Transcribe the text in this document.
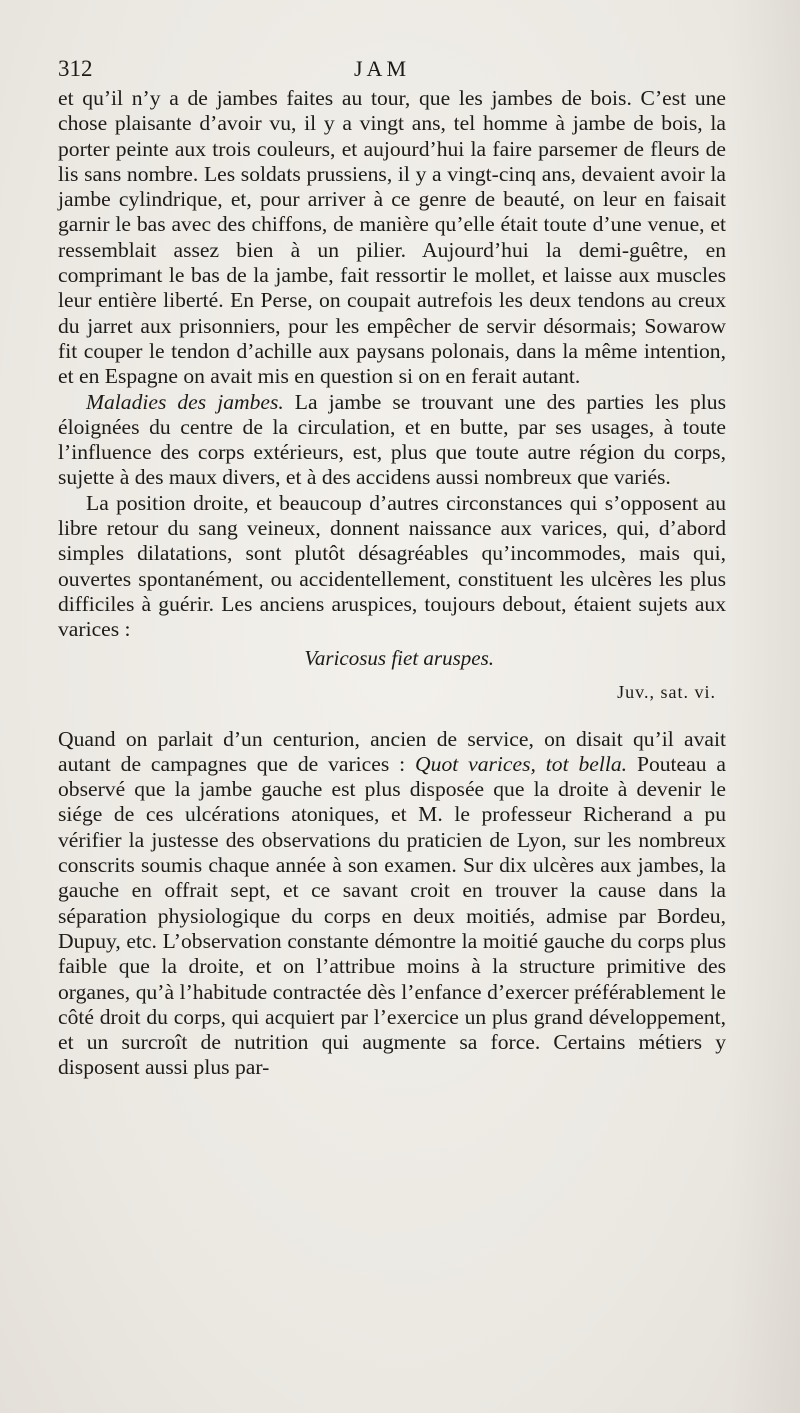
312	JAM

et qu’il n’y a de jambes faites au tour, que les jambes de bois. C’est une chose plaisante d’avoir vu, il y a vingt ans, tel homme à jambe de bois, la porter peinte aux trois couleurs, et aujourd’hui la faire parsemer de fleurs de lis sans nombre. Les soldats prussiens, il y a vingt-cinq ans, devaient avoir la jambe cylindrique, et, pour arriver à ce genre de beauté, on leur en faisait garnir le bas avec des chiffons, de manière qu’elle était toute d’une venue, et ressemblait assez bien à un pilier. Aujourd’hui la demi-guêtre, en comprimant le bas de la jambe, fait ressortir le mollet, et laisse aux muscles leur entière liberté. En Perse, on coupait autrefois les deux tendons au creux du jarret aux prisonniers, pour les empêcher de servir désormais; Sowarow fit couper le tendon d’achille aux paysans polonais, dans la même intention, et en Espagne on avait mis en question si on en ferait autant.

Maladies des jambes. La jambe se trouvant une des parties les plus éloignées du centre de la circulation, et en butte, par ses usages, à toute l’influence des corps extérieurs, est, plus que toute autre région du corps, sujette à des maux divers, et à des accidens aussi nombreux que variés.

La position droite, et beaucoup d’autres circonstances qui s’opposent au libre retour du sang veineux, donnent naissance aux varices, qui, d’abord simples dilatations, sont plutôt désagréables qu’incommodes, mais qui, ouvertes spontanément, ou accidentellement, constituent les ulcères les plus difficiles à guérir. Les anciens aruspices, toujours debout, étaient sujets aux varices :

Varicosus fiet aruspes.

Juv., sat. vi.

Quand on parlait d’un centurion, ancien de service, on disait qu’il avait autant de campagnes que de varices : Quot varices, tot bella. Pouteau a observé que la jambe gauche est plus disposée que la droite à devenir le siége de ces ulcérations atoniques, et M. le professeur Richerand a pu vérifier la justesse des observations du praticien de Lyon, sur les nombreux conscrits soumis chaque année à son examen. Sur dix ulcères aux jambes, la gauche en offrait sept, et ce savant croit en trouver la cause dans la séparation physiologique du corps en deux moitiés, admise par Bordeu, Dupuy, etc. L’observation constante démontre la moitié gauche du corps plus faible que la droite, et on l’attribue moins à la structure primitive des organes, qu’à l’habitude contractée dès l’enfance d’exercer préférablement le côté droit du corps, qui acquiert par l’exercice un plus grand développement, et un surcroît de nutrition qui augmente sa force. Certains métiers y disposent aussi plus par-
